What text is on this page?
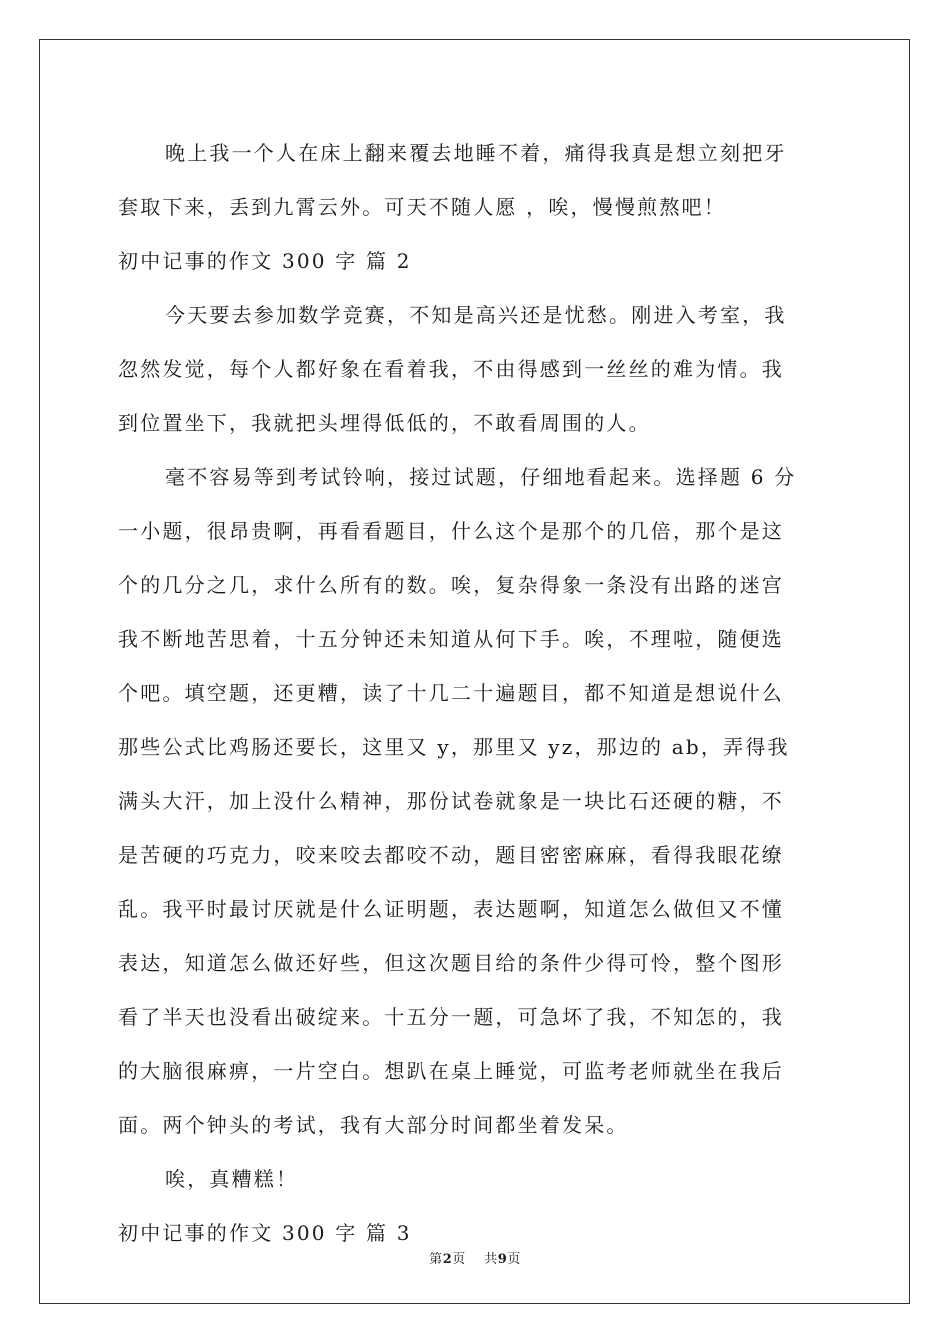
晚上我一个人在床上翻来覆去地睡不着，痛得我真是想立刻把牙
套取下来，丢到九霄云外。可天不随人愿 ，唉，慢慢煎熬吧！
初中记事的作文 300 字 篇 2
今天要去参加数学竞赛，不知是高兴还是忧愁。刚进入考室，我
忽然发觉，每个人都好象在看着我，不由得感到一丝丝的难为情。我
到位置坐下，我就把头埋得低低的，不敢看周围的人。
毫不容易等到考试铃响，接过试题，仔细地看起来。选择题 6 分
一小题，很昂贵啊，再看看题目，什么这个是那个的几倍，那个是这
个的几分之几，求什么所有的数。唉，复杂得象一条没有出路的迷宫
我不断地苦思着，十五分钟还未知道从何下手。唉，不理啦，随便选
个吧。填空题，还更糟，读了十几二十遍题目，都不知道是想说什么
那些公式比鸡肠还要长，这里又 y，那里又 yz，那边的 ab，弄得我
满头大汗，加上没什么精神，那份试卷就象是一块比石还硬的糖，不
是苦硬的巧克力，咬来咬去都咬不动，题目密密麻麻，看得我眼花缭
乱。我平时最讨厌就是什么证明题，表达题啊，知道怎么做但又不懂
表达，知道怎么做还好些，但这次题目给的条件少得可怜，整个图形
看了半天也没看出破绽来。十五分一题，可急坏了我，不知怎的，我
的大脑很麻痹，一片空白。想趴在桌上睡觉，可监考老师就坐在我后
面。两个钟头的考试，我有大部分时间都坐着发呆。
唉，真糟糕！
初中记事的作文 300 字 篇 3
第2页    共9页
